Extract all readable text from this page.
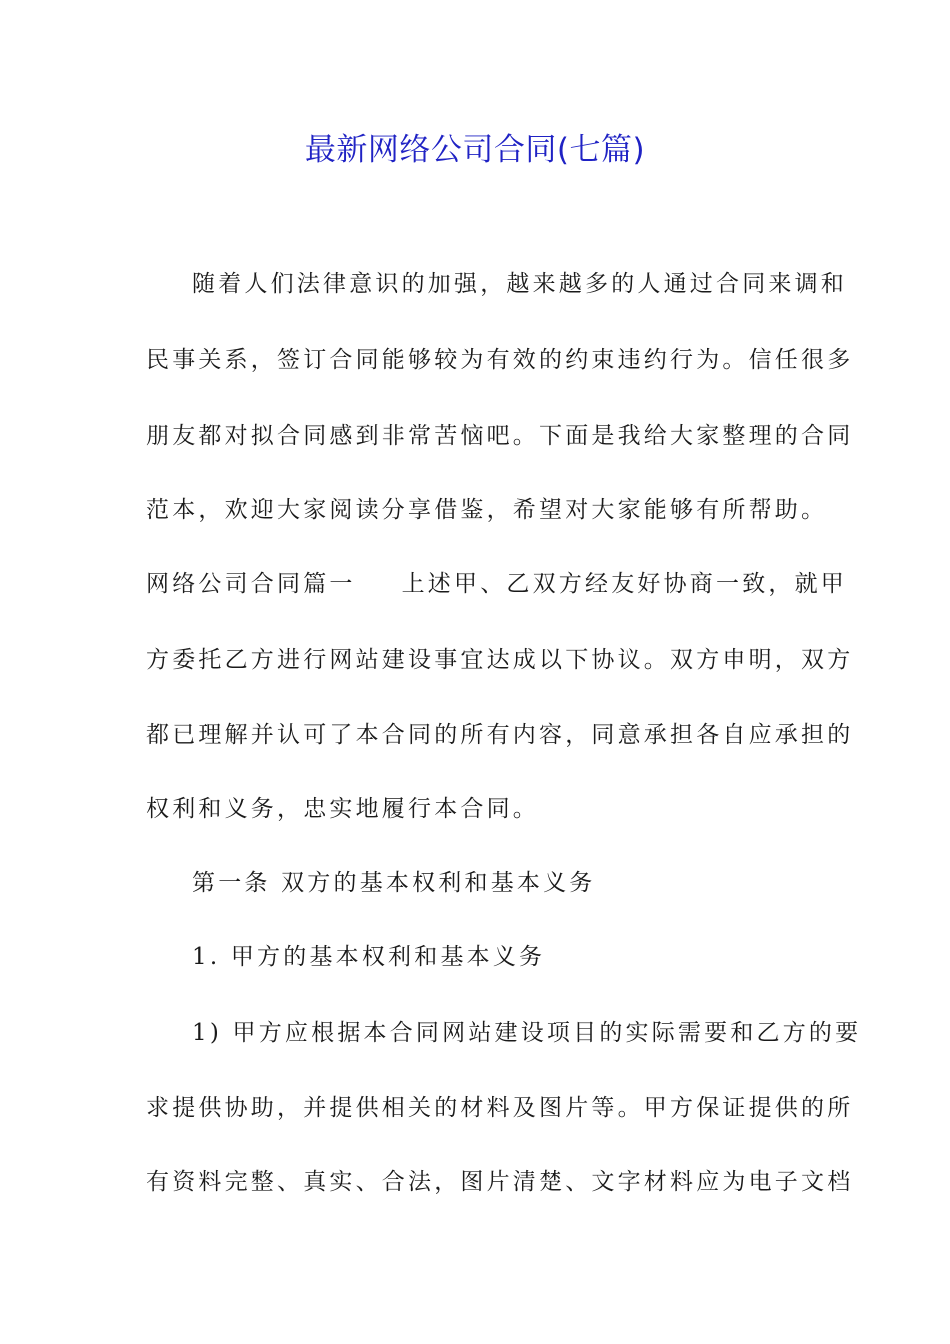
最新网络公司合同(七篇)
随着人们法律意识的加强，越来越多的人通过合同来调和
民事关系，签订合同能够较为有效的约束违约行为。信任很多
朋友都对拟合同感到非常苦恼吧。下面是我给大家整理的合同
范本，欢迎大家阅读分享借鉴，希望对大家能够有所帮助。
网络公司合同篇一 上述甲、乙双方经友好协商一致，就甲
方委托乙方进行网站建设事宜达成以下协议。双方申明，双方
都已理解并认可了本合同的所有内容，同意承担各自应承担的
权利和义务，忠实地履行本合同。
第一条 双方的基本权利和基本义务
1. 甲方的基本权利和基本义务
1) 甲方应根据本合同网站建设项目的实际需要和乙方的要
求提供协助，并提供相关的材料及图片等。甲方保证提供的所
有资料完整、真实、合法，图片清楚、文字材料应为电子文档
